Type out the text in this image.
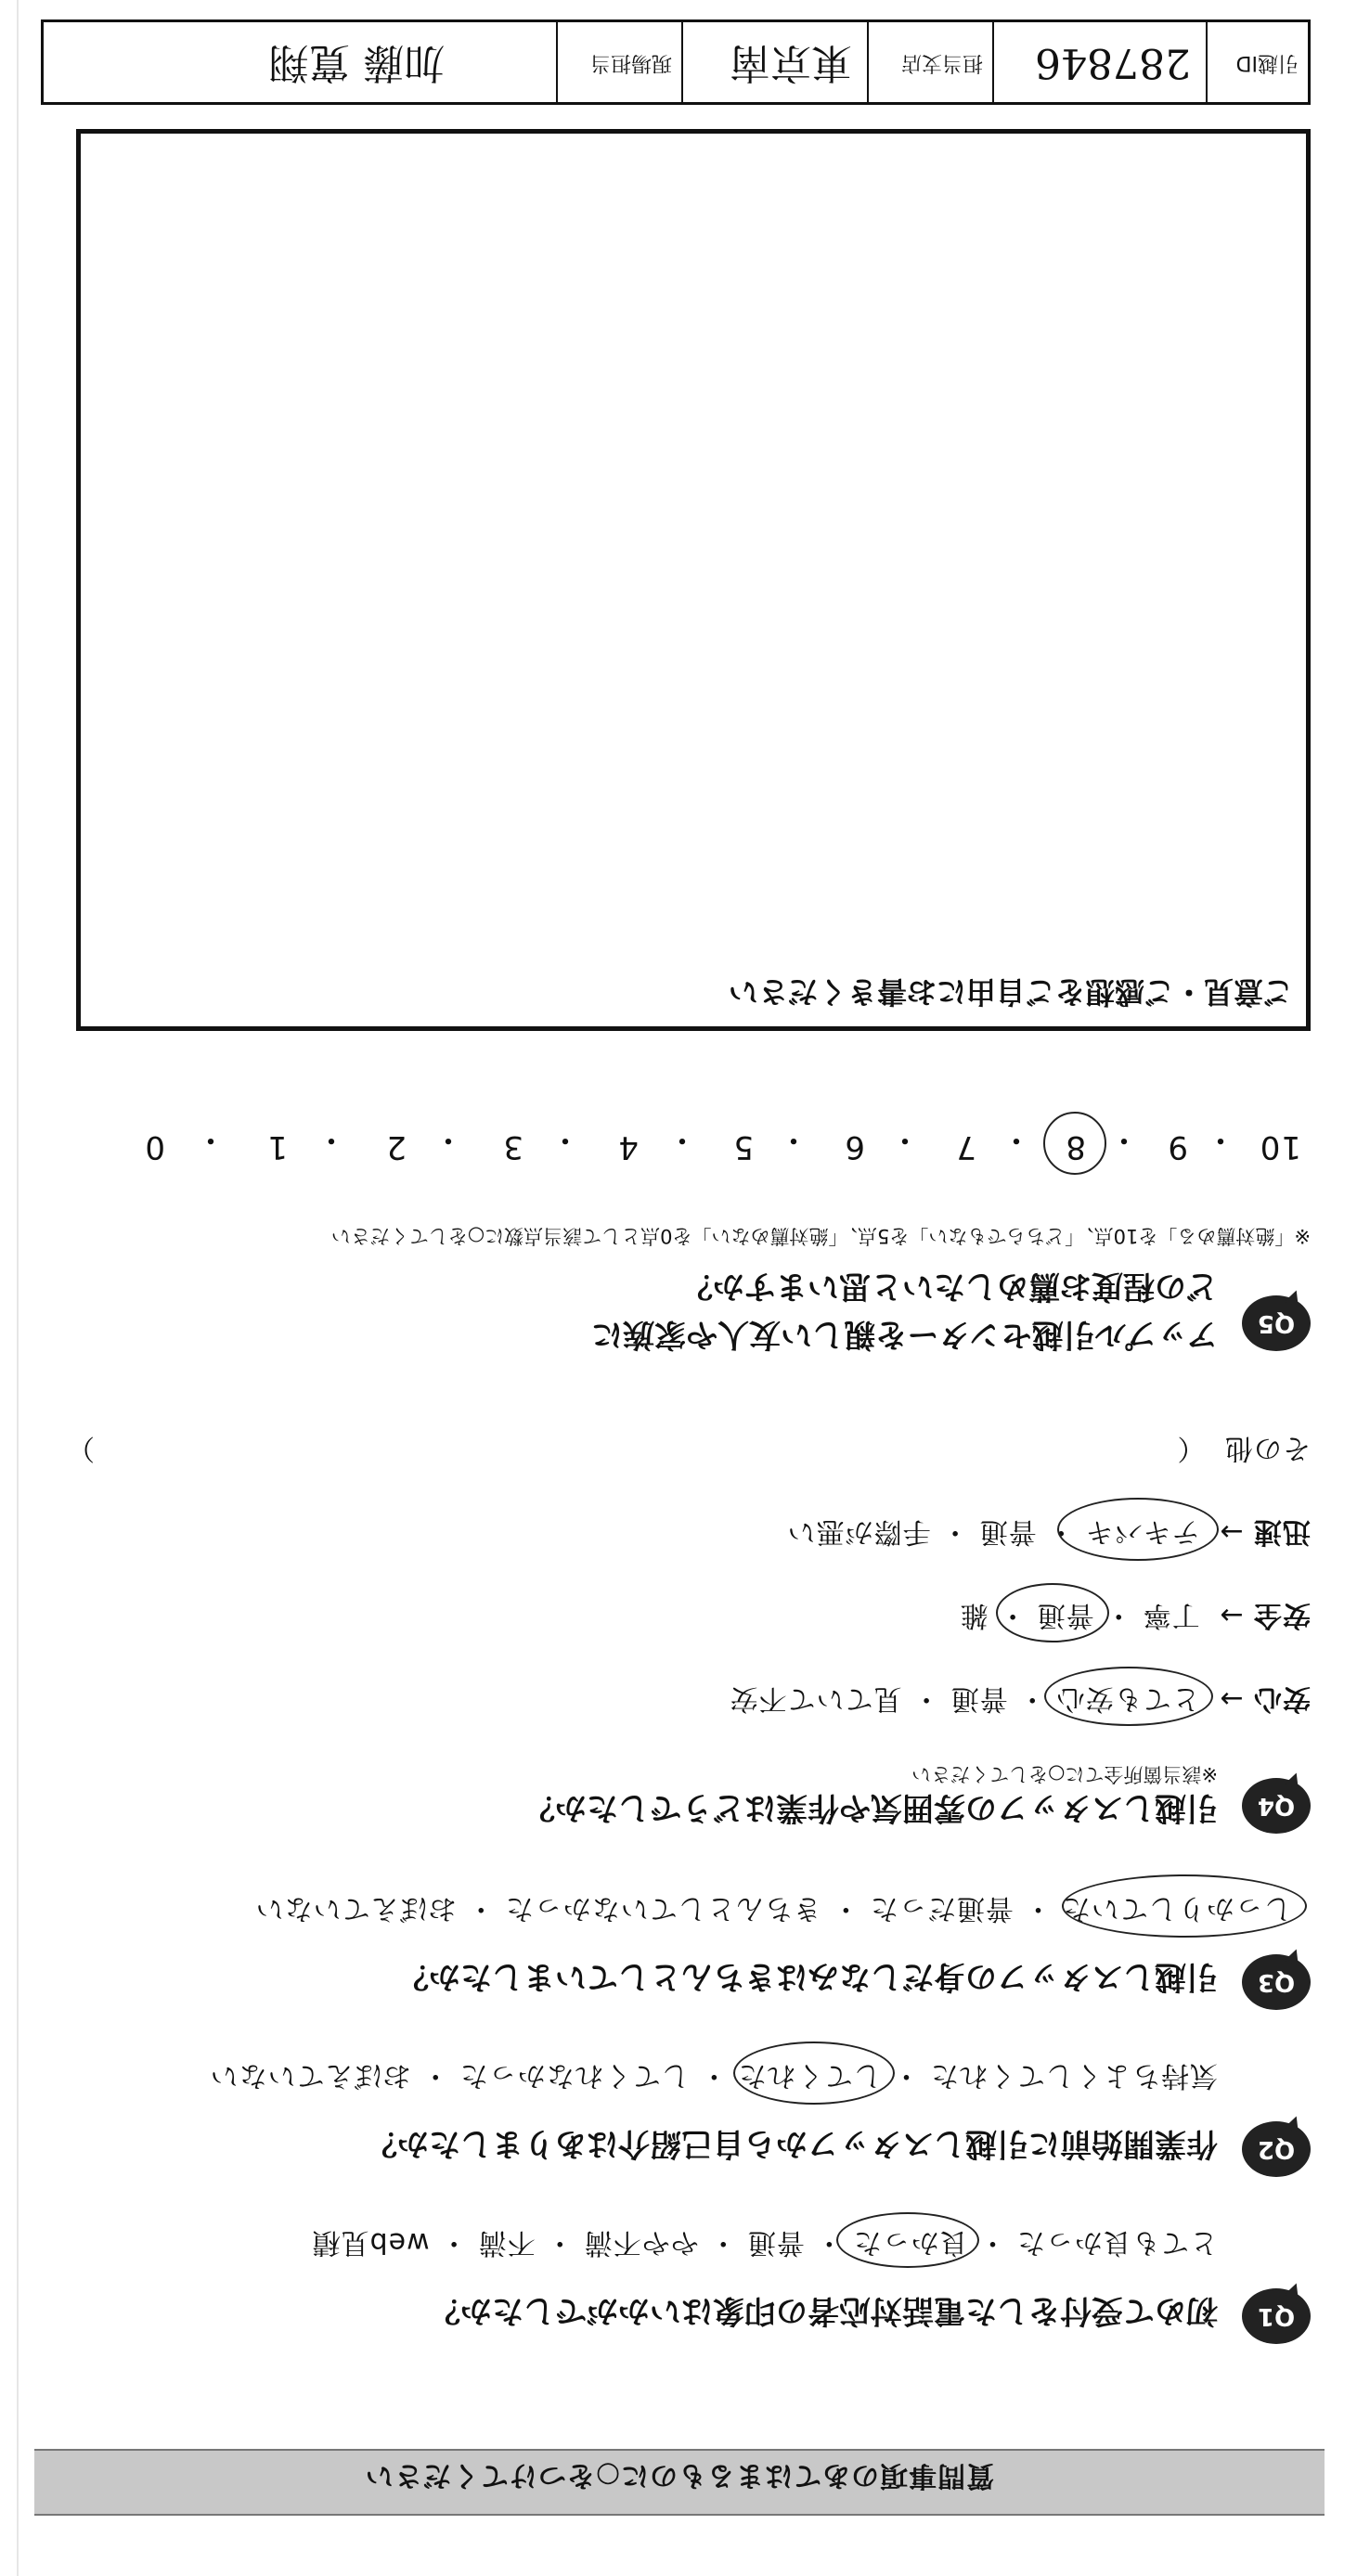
質問事項のあてはまるものに○をつけてください
Q1
初めて受付をした電話対応者の印象はいかがでしたか？
とても良かった ・ 良かった
・ 普通 ・ やや不満 ・ 不満 ・ web見積
Q2
作業開始前に引越しスタッフから自己紹介はありましたか？
気持ちよくしてくれた ・ してくれた
・ してくれなかった ・ おぼえていない
Q3
引越しスタッフの身だしなみはきちんとしていましたか？
しっかりしていた
・ 普通だった ・ きちんとしていなかった ・ おぼえていない
Q4
引越しスタッフの雰囲気や作業はどうでしたか？
※該当箇所全てに○をしてください
安心 → とても安心
・ 普通 ・ 見ていて不安
安全 → 丁寧 ・ 普通
・ 雑
迅速 → テキパキ
・ 普通 ・ 手際が悪い
その他 （
）
Q5
アップル引越センターを親しい友人や家族に
どの程度お薦めしたいと思いますか？
※「絶対薦める」を10点、「どちらでもない」を5点、「絶対薦めない」を0点として該当点数に○をしてください
10
・
9
・
8
・
7
・
6
・
5
・
4
・
3
・
2
・
1
・
0
ご意見・ご感想をご自由にお書きください
引越ID
287846
担当支店
東京南
現場担当
加藤 寛翔
